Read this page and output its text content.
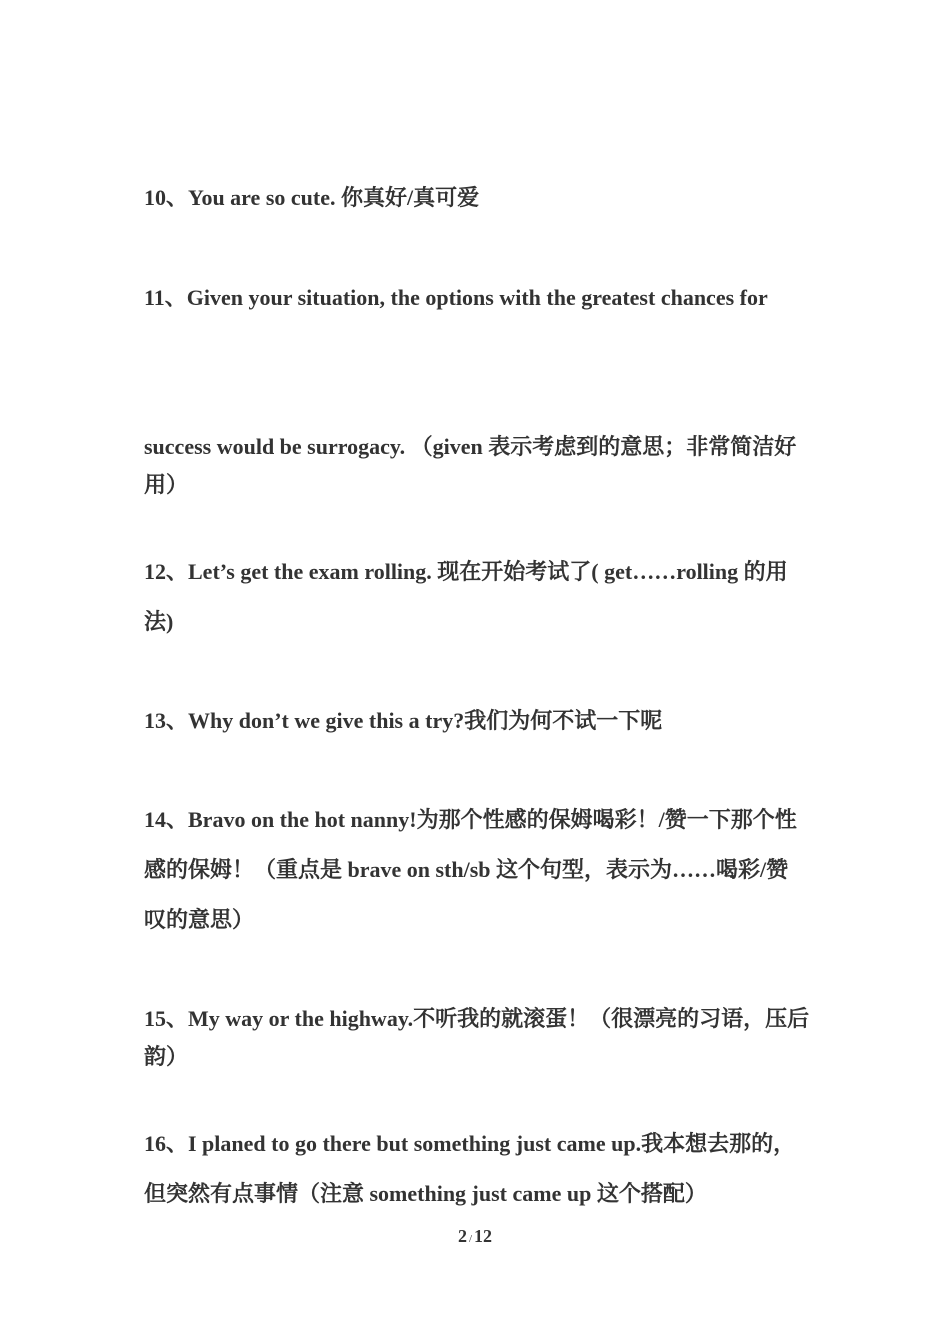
10、You are so cute. 你真好/真可爱

11、Given your situation, the options with the greatest chances for

success would be surrogacy. （given 表示考虑到的意思；非常简洁好用）

12、Let’s get the exam rolling. 现在开始考试了( get……rolling 的用法)

13、Why don’t we give this a try?我们为何不试一下呢

14、Bravo on the hot nanny!为那个性感的保姆喝彩！/赞一下那个性感的保姆！（重点是 brave on sth/sb 这个句型，表示为……喝彩/赞叹的意思）

15、My way or the highway.不听我的就滚蛋！（很漂亮的习语，压后韵）

16、I planed to go there but something just came up.我本想去那的，但突然有点事情（注意 something just came up 这个搭配）

2 / 12
